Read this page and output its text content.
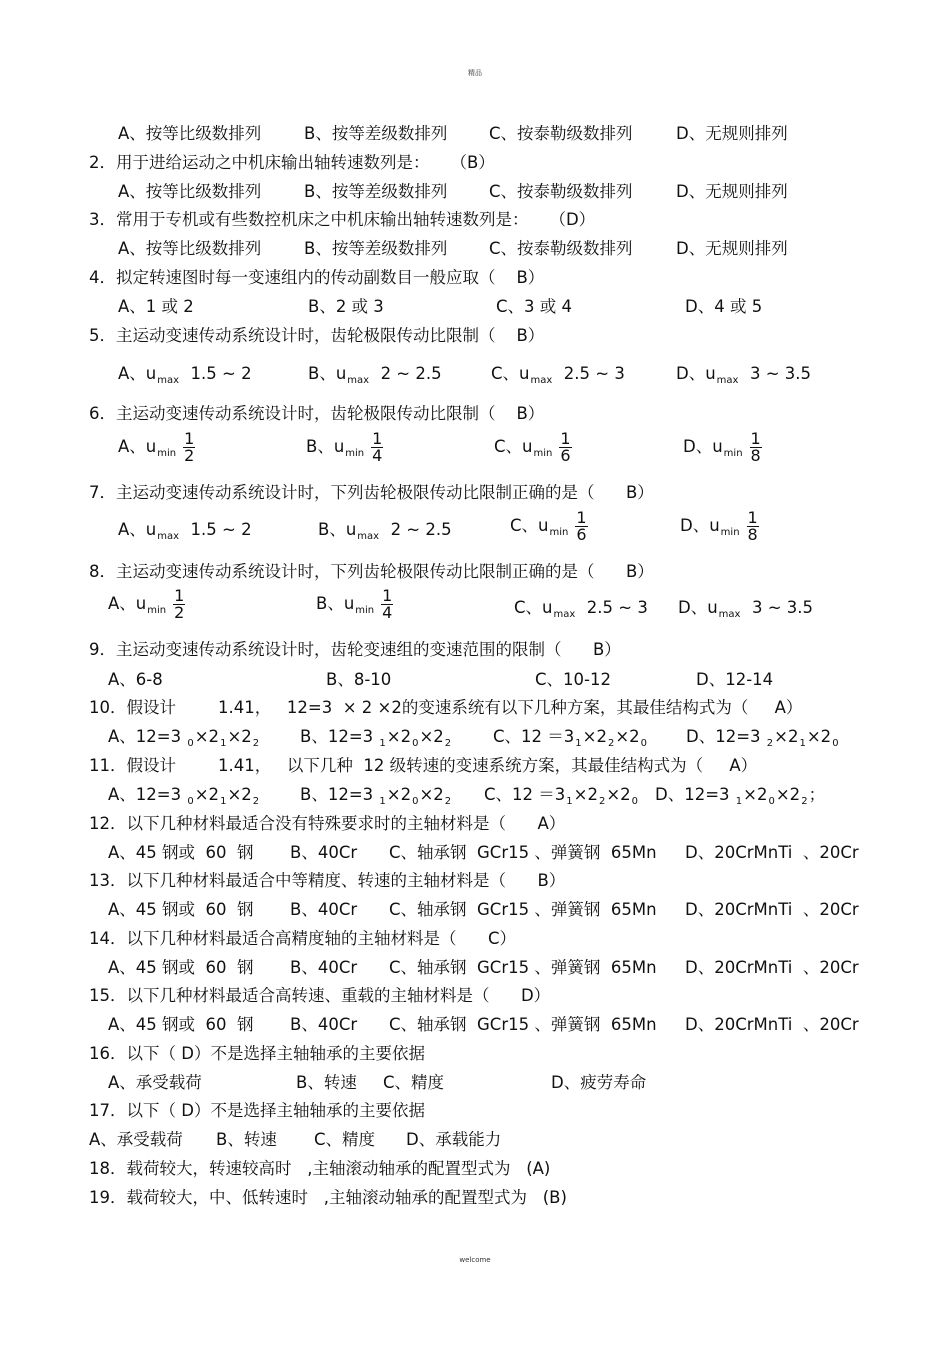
精品
A、按等比级数排列	B、按等差级数排列	C、按泰勒级数排列	D、无规则排列
2．用于进给运动之中机床输出轴转速数列是：    （B）
A、按等比级数排列	B、按等差级数排列	C、按泰勒级数排列	D、无规则排列
3．常用于专机或有些数控机床之中机床输出轴转速数列是：    （D）
A、按等比级数排列	B、按等差级数排列	C、按泰勒级数排列	D、无规则排列
4．拟定转速图时每一变速组内的传动副数目一般应取（    B）
A、1 或 2	B、2 或 3	C、3 或 4	D、4 或 5
5．主运动变速传动系统设计时，齿轮极限传动比限制（    B）
A、$u_{max}$  1.5 ~ 2	B、$u_{max}$  2 ~ 2.5	C、$u_{max}$  2.5 ~ 3	D、$u_{max}$  3 ~ 3.5
6．主运动变速传动系统设计时，齿轮极限传动比限制（    B）
A、$u_{min} \frac{1}{2}$	B、$u_{min} \frac{1}{4}$	C、$u_{min} \frac{1}{6}$	D、$u_{min} \frac{1}{8}$
7．主运动变速传动系统设计时，下列齿轮极限传动比限制正确的是（      B）
A、$u_{max}$  1.5 ~ 2	B、$u_{max}$  2 ~ 2.5	C、$u_{min} \frac{1}{6}$	D、$u_{min} \frac{1}{8}$
8．主运动变速传动系统设计时，下列齿轮极限传动比限制正确的是（      B）
A、$u_{min} \frac{1}{2}$	B、$u_{min} \frac{1}{4}$	C、$u_{max}$  2.5 ~ 3 D、$u_{max}$  3 ~ 3.5
9．主运动变速传动系统设计时，齿轮变速组的变速范围的限制（      B）
A、6-8	B、8-10	C、10-12	D、12-14
10．假设计        1.41，   12=3  × 2 ×2的变速系统有以下几种方案，其最佳结构式为（     A）
A、12=3 $_0\times 2_1\times 2_2$ B、12=3 $_1\times 2_0\times 2_2$	C、$12 =3_1\times 2_2\times 2_0$ D、12=3 $_2\times 2_1\times 2_0$
11．假设计        1.41，   以下几种  12 级转速的变速系统方案，其最佳结构式为（     A）
A、12=3 $_0\times 2_1\times 2_2$ B、12=3 $_1\times 2_0\times 2_2$ C、$12 =3_1\times 2_2\times 2_0$ D、12=3 $_1\times 2_0\times 2_2$；
12．以下几种材料最适合没有特殊要求时的主轴材料是（      A）
A、45 钢或  60  钢 B、40Cr C、轴承钢  GCr15 、弹簧钢  65Mn D、20CrMnTi  、20Cr
13．以下几种材料最适合中等精度、转速的主轴材料是（      B）
A、45 钢或  60  钢 B、40Cr C、轴承钢  GCr15 、弹簧钢  65Mn D、20CrMnTi  、20Cr
14．以下几种材料最适合高精度轴的主轴材料是（      C）
A、45 钢或  60  钢 B、40Cr C、轴承钢  GCr15 、弹簧钢  65Mn D、20CrMnTi  、20Cr
15．以下几种材料最适合高转速、重载的主轴材料是（      D）
A、45 钢或  60  钢 B、40Cr C、轴承钢  GCr15 、弹簧钢  65Mn D、20CrMnTi  、20Cr
16．以下（ D）不是选择主轴轴承的主要依据
A、承受载荷	B、转速 C、精度	D、疲劳寿命
17．以下（ D）不是选择主轴轴承的主要依据
A、承受载荷 B、转速 C、精度 D、承载能力
18．载荷较大，转速较高时   ,主轴滚动轴承的配置型式为   (A)
19．载荷较大，中、低转速时   ,主轴滚动轴承的配置型式为   (B)
welcome
